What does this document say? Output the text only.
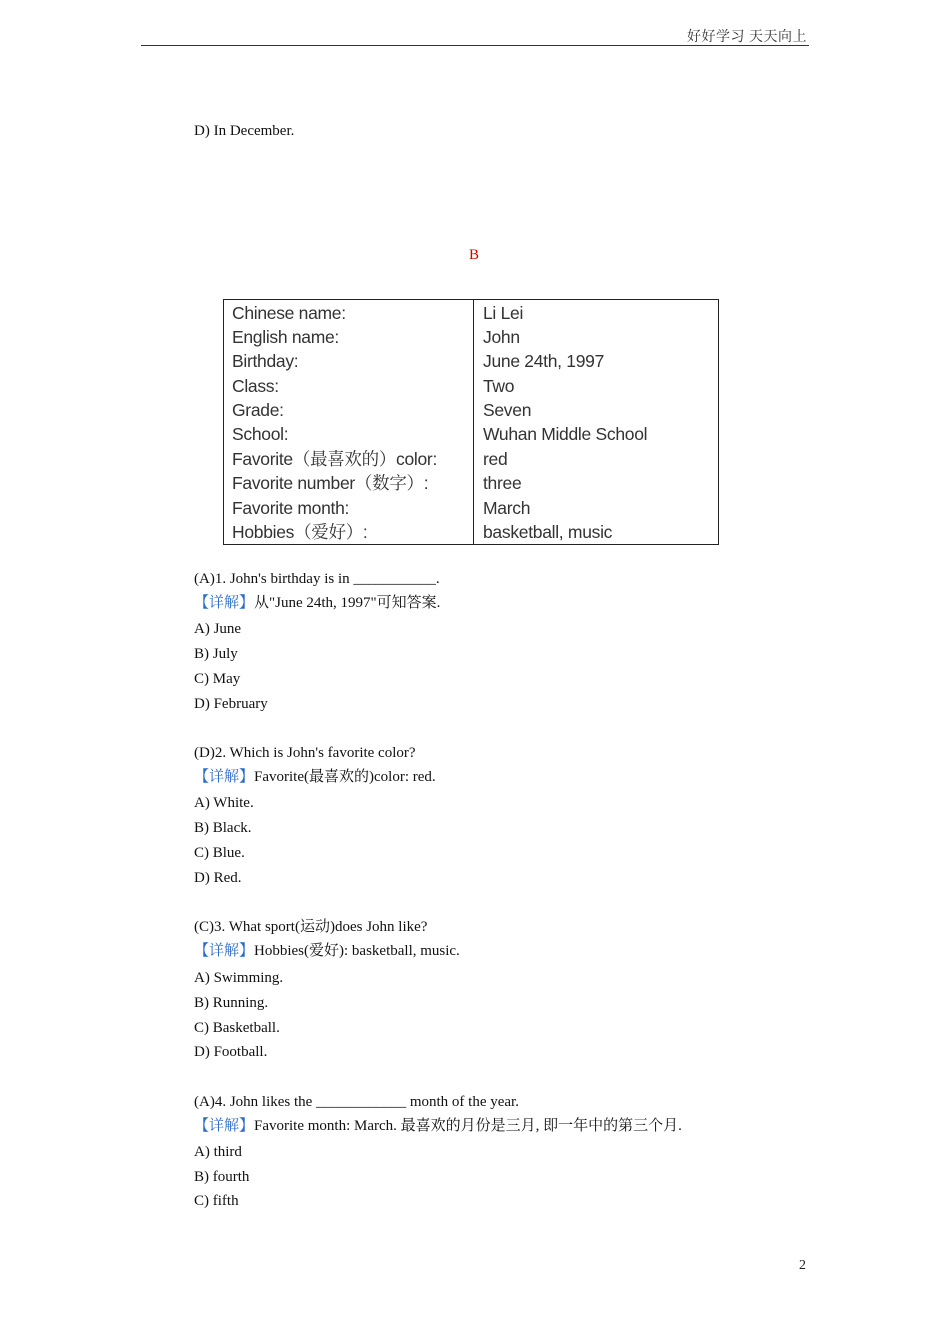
好好学习 天天向上
D) In December.
B
Chinese name:	Li Lei
English name:	John
Birthday:	June 24th, 1997
Class:	Two
Grade:	Seven
School:	Wuhan Middle School
Favorite（最喜欢的）color:	red
Favorite number（数字）:	three
Favorite month:	March
Hobbies（爱好）:	basketball, music
(A)1. John's birthday is in ___________.
【详解】从"June 24th, 1997"可知答案.
A) June
B) July
C) May
D) February
(D)2. Which is John's favorite color?
【详解】Favorite(最喜欢的)color: red.
A) White.
B) Black.
C) Blue.
D) Red.
(C)3. What sport(运动)does John like?
【详解】Hobbies(爱好): basketball, music.
A) Swimming.
B) Running.
C) Basketball.
D) Football.
(A)4. John likes the ____________ month of the year.
【详解】Favorite month: March. 最喜欢的月份是三月, 即一年中的第三个月.
A) third
B) fourth
C) fifth
2
